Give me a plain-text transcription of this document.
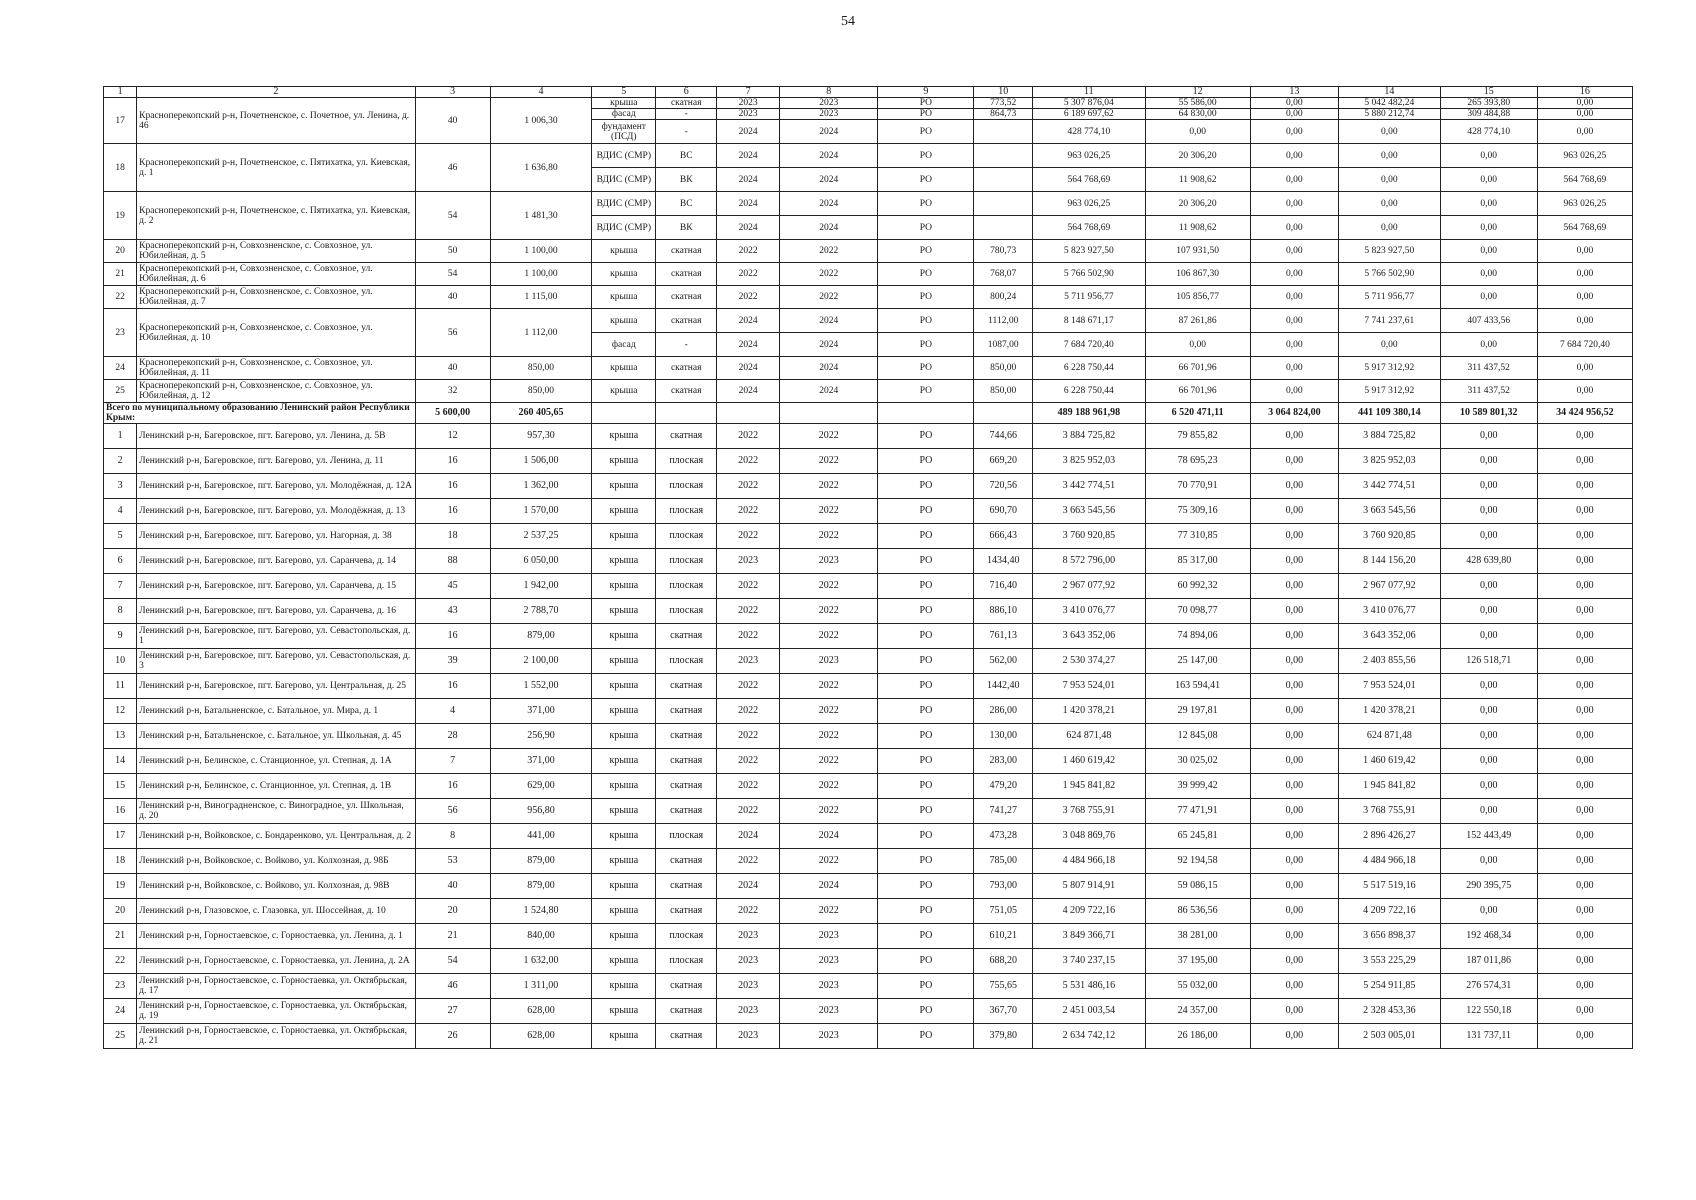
54
1	2	3	4	5	6	7	8	9	10	11	12	13	14	15	16
17	Красноперекопский р-н, Почетненское, с. Почетное, ул. Ленина, д. 46	40	1 006,30	крыша	скатная	2023	2023	РО	773,52	5 307 876,04	55 586,00	0,00	5 042 482,24	265 393,80	0,00
				фасад	-	2023	2023	РО	864,73	6 189 697,62	64 830,00	0,00	5 880 212,74	309 484,88	0,00
				фундамент (ПСД)	-	2024	2024	РО		428 774,10	0,00	0,00	0,00	428 774,10	0,00
18	Красноперекопский р-н, Почетненское, с. Пятихатка, ул. Киевская, д. 1	46	1 636,80	ВДИС (СМР)	ВС	2024	2024	РО		963 026,25	20 306,20	0,00	0,00	0,00	963 026,25
				ВДИС (СМР)	ВК	2024	2024	РО		564 768,69	11 908,62	0,00	0,00	0,00	564 768,69
19	Красноперекопский р-н, Почетненское, с. Пятихатка, ул. Киевская, д. 2	54	1 481,30	ВДИС (СМР)	ВС	2024	2024	РО		963 026,25	20 306,20	0,00	0,00	0,00	963 026,25
				ВДИС (СМР)	ВК	2024	2024	РО		564 768,69	11 908,62	0,00	0,00	0,00	564 768,69
20	Красноперекопский р-н, Совхозненское, с. Совхозное, ул. Юбилейная, д. 5	50	1 100,00	крыша	скатная	2022	2022	РО	780,73	5 823 927,50	107 931,50	0,00	5 823 927,50	0,00	0,00
21	Красноперекопский р-н, Совхозненское, с. Совхозное, ул. Юбилейная, д. 6	54	1 100,00	крыша	скатная	2022	2022	РО	768,07	5 766 502,90	106 867,30	0,00	5 766 502,90	0,00	0,00
22	Красноперекопский р-н, Совхозненское, с. Совхозное, ул. Юбилейная, д. 7	40	1 115,00	крыша	скатная	2022	2022	РО	800,24	5 711 956,77	105 856,77	0,00	5 711 956,77	0,00	0,00
23	Красноперекопский р-н, Совхозненское, с. Совхозное, ул. Юбилейная, д. 10	56	1 112,00	крыша	скатная	2024	2024	РО	1112,00	8 148 671,17	87 261,86	0,00	7 741 237,61	407 433,56	0,00
				фасад	-	2024	2024	РО	1087,00	7 684 720,40	0,00	0,00	0,00	0,00	7 684 720,40
24	Красноперекопский р-н, Совхозненское, с. Совхозное, ул. Юбилейная, д. 11	40	850,00	крыша	скатная	2024	2024	РО	850,00	6 228 750,44	66 701,96	0,00	5 917 312,92	311 437,52	0,00
25	Красноперекопский р-н, Совхозненское, с. Совхозное, ул. Юбилейная, д. 12	32	850,00	крыша	скатная	2024	2024	РО	850,00	6 228 750,44	66 701,96	0,00	5 917 312,92	311 437,52	0,00
Всего по муниципальному образованию Ленинский район Республики Крым:		5 600,00	260 405,65							489 188 961,98	6 520 471,11	3 064 824,00	441 109 380,14	10 589 801,32	34 424 956,52
1	Ленинский р-н, Багеровское, пгт. Багерово, ул. Ленина, д. 5В	12	957,30	крыша	скатная	2022	2022	РО	744,66	3 884 725,82	79 855,82	0,00	3 884 725,82	0,00	0,00
2	Ленинский р-н, Багеровское, пгт. Багерово, ул. Ленина, д. 11	16	1 506,00	крыша	плоская	2022	2022	РО	669,20	3 825 952,03	78 695,23	0,00	3 825 952,03	0,00	0,00
3	Ленинский р-н, Багеровское, пгт. Багерово, ул. Молодёжная, д. 12А	16	1 362,00	крыша	плоская	2022	2022	РО	720,56	3 442 774,51	70 770,91	0,00	3 442 774,51	0,00	0,00
4	Ленинский р-н, Багеровское, пгт. Багерово, ул. Молодёжная, д. 13	16	1 570,00	крыша	плоская	2022	2022	РО	690,70	3 663 545,56	75 309,16	0,00	3 663 545,56	0,00	0,00
5	Ленинский р-н, Багеровское, пгт. Багерово, ул. Нагорная, д. 38	18	2 537,25	крыша	плоская	2022	2022	РО	666,43	3 760 920,85	77 310,85	0,00	3 760 920,85	0,00	0,00
6	Ленинский р-н, Багеровское, пгт. Багерово, ул. Саранчева, д. 14	88	6 050,00	крыша	плоская	2023	2023	РО	1434,40	8 572 796,00	85 317,00	0,00	8 144 156,20	428 639,80	0,00
7	Ленинский р-н, Багеровское, пгт. Багерово, ул. Саранчева, д. 15	45	1 942,00	крыша	плоская	2022	2022	РО	716,40	2 967 077,92	60 992,32	0,00	2 967 077,92	0,00	0,00
8	Ленинский р-н, Багеровское, пгт. Багерово, ул. Саранчева, д. 16	43	2 788,70	крыша	плоская	2022	2022	РО	886,10	3 410 076,77	70 098,77	0,00	3 410 076,77	0,00	0,00
9	Ленинский р-н, Багеровское, пгт. Багерово, ул. Севастопольская, д. 1	16	879,00	крыша	скатная	2022	2022	РО	761,13	3 643 352,06	74 894,06	0,00	3 643 352,06	0,00	0,00
10	Ленинский р-н, Багеровское, пгт. Багерово, ул. Севастопольская, д. 3	39	2 100,00	крыша	плоская	2023	2023	РО	562,00	2 530 374,27	25 147,00	0,00	2 403 855,56	126 518,71	0,00
11	Ленинский р-н, Багеровское, пгт. Багерово, ул. Центральная, д. 25	16	1 552,00	крыша	скатная	2022	2022	РО	1442,40	7 953 524,01	163 594,41	0,00	7 953 524,01	0,00	0,00
12	Ленинский р-н, Батальненское, с. Батальное, ул. Мира, д. 1	4	371,00	крыша	скатная	2022	2022	РО	286,00	1 420 378,21	29 197,81	0,00	1 420 378,21	0,00	0,00
13	Ленинский р-н, Батальненское, с. Батальное, ул. Школьная, д. 45	28	256,90	крыша	скатная	2022	2022	РО	130,00	624 871,48	12 845,08	0,00	624 871,48	0,00	0,00
14	Ленинский р-н, Белинское, с. Станционное, ул. Степная, д. 1А	7	371,00	крыша	скатная	2022	2022	РО	283,00	1 460 619,42	30 025,02	0,00	1 460 619,42	0,00	0,00
15	Ленинский р-н, Белинское, с. Станционное, ул. Степная, д. 1В	16	629,00	крыша	скатная	2022	2022	РО	479,20	1 945 841,82	39 999,42	0,00	1 945 841,82	0,00	0,00
16	Ленинский р-н, Виноградненское, с. Виноградное, ул. Школьная, д. 20	56	956,80	крыша	скатная	2022	2022	РО	741,27	3 768 755,91	77 471,91	0,00	3 768 755,91	0,00	0,00
17	Ленинский р-н, Войковское, с. Бондаренково, ул. Центральная, д. 2	8	441,00	крыша	плоская	2024	2024	РО	473,28	3 048 869,76	65 245,81	0,00	2 896 426,27	152 443,49	0,00
18	Ленинский р-н, Войковское, с. Войково, ул. Колхозная, д. 98Б	53	879,00	крыша	скатная	2022	2022	РО	785,00	4 484 966,18	92 194,58	0,00	4 484 966,18	0,00	0,00
19	Ленинский р-н, Войковское, с. Войково, ул. Колхозная, д. 98В	40	879,00	крыша	скатная	2024	2024	РО	793,00	5 807 914,91	59 086,15	0,00	5 517 519,16	290 395,75	0,00
20	Ленинский р-н, Глазовское, с. Глазовка, ул. Шоссейная, д. 10	20	1 524,80	крыша	скатная	2022	2022	РО	751,05	4 209 722,16	86 536,56	0,00	4 209 722,16	0,00	0,00
21	Ленинский р-н, Горностаевское, с. Горностаевка, ул. Ленина, д. 1	21	840,00	крыша	плоская	2023	2023	РО	610,21	3 849 366,71	38 281,00	0,00	3 656 898,37	192 468,34	0,00
22	Ленинский р-н, Горностаевское, с. Горностаевка, ул. Ленина, д. 2А	54	1 632,00	крыша	плоская	2023	2023	РО	688,20	3 740 237,15	37 195,00	0,00	3 553 225,29	187 011,86	0,00
23	Ленинский р-н, Горностаевское, с. Горностаевка, ул. Октябрьская, д. 17	46	1 311,00	крыша	скатная	2023	2023	РО	755,65	5 531 486,16	55 032,00	0,00	5 254 911,85	276 574,31	0,00
24	Ленинский р-н, Горностаевское, с. Горностаевка, ул. Октябрьская, д. 19	27	628,00	крыша	скатная	2023	2023	РО	367,70	2 451 003,54	24 357,00	0,00	2 328 453,36	122 550,18	0,00
25	Ленинский р-н, Горностаевское, с. Горностаевка, ул. Октябрьская, д. 21	26	628,00	крыша	скатная	2023	2023	РО	379,80	2 634 742,12	26 186,00	0,00	2 503 005,01	131 737,11	0,00
